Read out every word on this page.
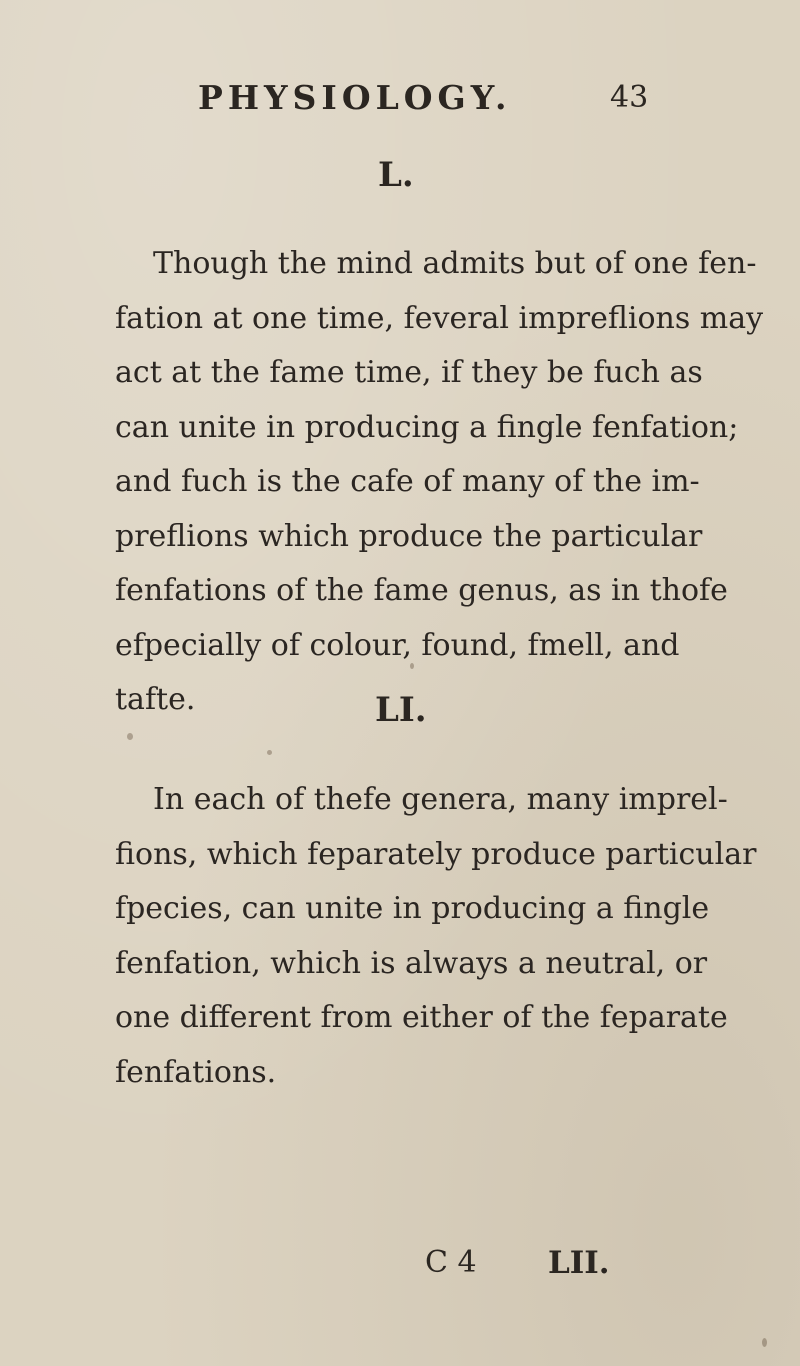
PHYSIOLOGY.	43
L.
Though the mind admits but of one fen-
fation at one time, feveral impreflions may
act at the fame time, if they be fuch as
can unite in producing a fingle fenfation;
and fuch is the cafe of many of the im-
preflions which produce the particular
fenfations of the fame genus, as in thofe
efpecially of colour, found, fmell, and
tafte.	LI.
In each of thefe genera, many imprel-
fions, which feparately produce particular
fpecies, can unite in producing a fingle
fenfation, which is always a neutral, or
one different from either of the feparate
fenfations.
C 4 LII.
